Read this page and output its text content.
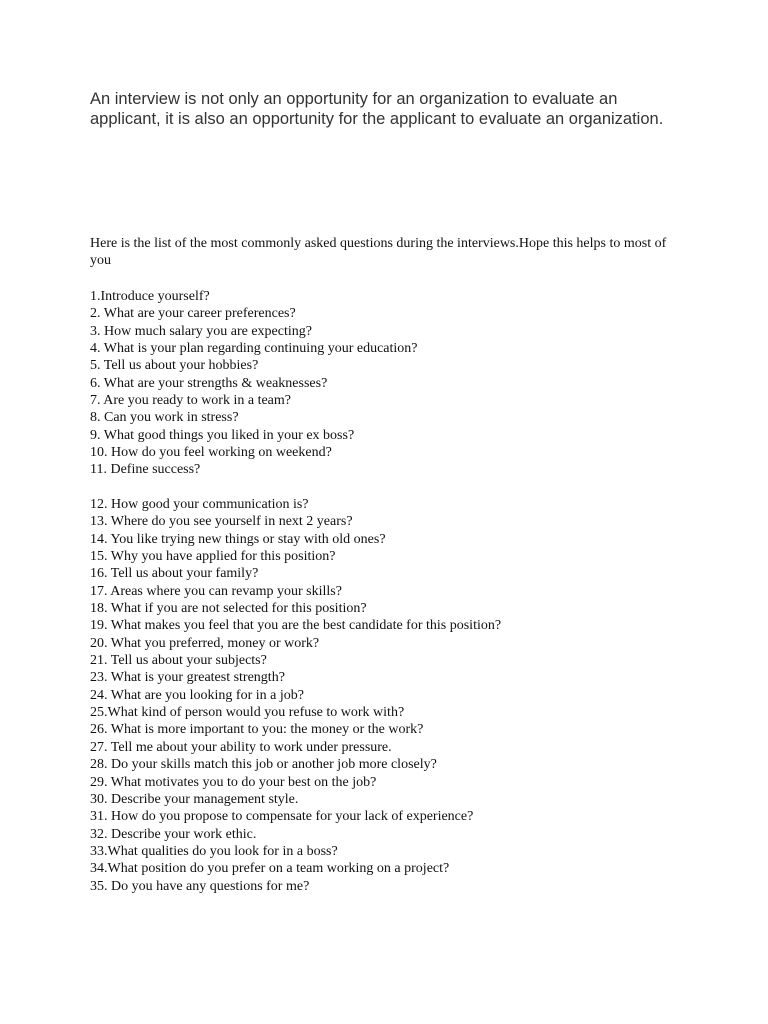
An interview is not only an opportunity for an organization to evaluate an applicant, it is also an opportunity for the applicant to evaluate an organization.

Here is the list of the most commonly asked questions during the interviews.Hope this helps to most of you

1.Introduce yourself?
2. What are your career preferences?
3. How much salary you are expecting?
4. What is your plan regarding continuing your education?
5. Tell us about your hobbies?
6. What are your strengths & weaknesses?
7. Are you ready to work in a team?
8. Can you work in stress?
9. What good things you liked in your ex boss?
10. How do you feel working on weekend?
11. Define success?
12. How good your communication is?
13. Where do you see yourself in next 2 years?
14. You like trying new things or stay with old ones?
15. Why you have applied for this position?
16. Tell us about your family?
17. Areas where you can revamp your skills?
18. What if you are not selected for this position?
19. What makes you feel that you are the best candidate for this position?
20. What you preferred, money or work?
21. Tell us about your subjects?
23. What is your greatest strength?
24. What are you looking for in a job?
25.What kind of person would you refuse to work with?
26. What is more important to you: the money or the work?
27. Tell me about your ability to work under pressure.
28. Do your skills match this job or another job more closely?
29. What motivates you to do your best on the job?
30. Describe your management style.
31. How do you propose to compensate for your lack of experience?
32. Describe your work ethic.
33.What qualities do you look for in a boss?
34.What position do you prefer on a team working on a project?
35. Do you have any questions for me?
